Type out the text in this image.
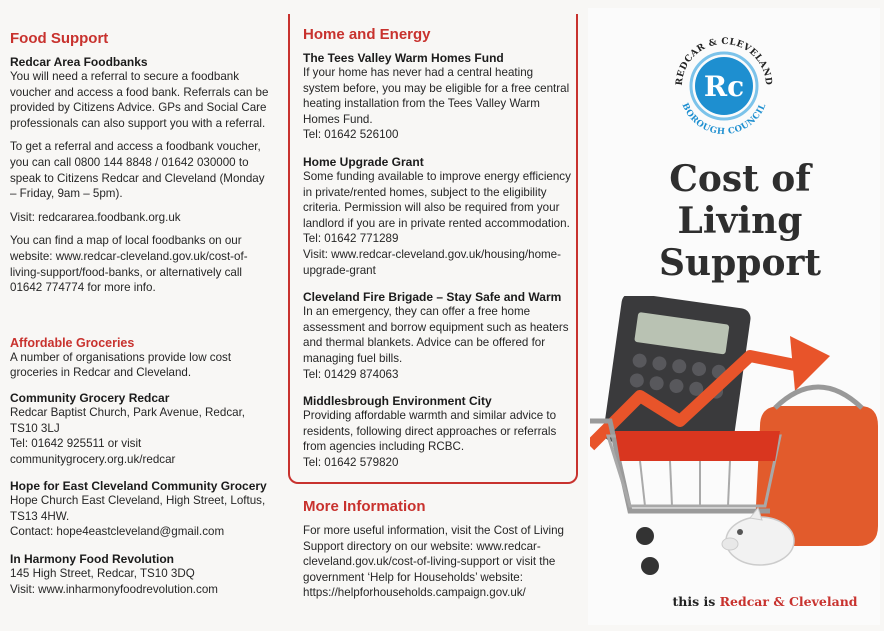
Food Support
Redcar Area Foodbanks
You will need a referral to secure a foodbank voucher and access a food bank. Referrals can be provided by Citizens Advice. GPs and Social Care professionals can also support you with a referral.
To get a referral and access a foodbank voucher, you can call 0800 144 8848 / 01642 030000 to speak to Citizens Redcar and Cleveland (Monday – Friday, 9am – 5pm).
Visit: redcararea.foodbank.org.uk
You can find a map of local foodbanks on our website: www.redcar-cleveland.gov.uk/cost-of-living-support/food-banks, or alternatively call 01642 774774 for more info.
Affordable Groceries
A number of organisations provide low cost groceries in Redcar and Cleveland.
Community Grocery Redcar
Redcar Baptist Church, Park Avenue, Redcar, TS10 3LJ
Tel: 01642 925511 or visit communitygrocery.org.uk/redcar
Hope for East Cleveland Community Grocery
Hope Church East Cleveland, High Street, Loftus, TS13 4HW.
Contact: hope4eastcleveland@gmail.com
In Harmony Food Revolution
145 High Street, Redcar, TS10 3DQ
Visit: www.inharmonyfoodrevolution.com
Home and Energy
The Tees Valley Warm Homes Fund
If your home has never had a central heating system before, you may be eligible for a free central heating installation from the Tees Valley Warm Homes Fund.
Tel: 01642 526100
Home Upgrade Grant
Some funding available to improve energy efficiency in private/rented homes, subject to the eligibility criteria. Permission will also be required from your landlord if you are in private rented accommodation.
Tel: 01642 771289
Visit: www.redcar-cleveland.gov.uk/housing/home-upgrade-grant
Cleveland Fire Brigade – Stay Safe and Warm
In an emergency, they can offer a free home assessment and borrow equipment such as heaters and thermal blankets. Advice can be offered for managing fuel bills.
Tel: 01429 874063
Middlesbrough Environment City
Providing affordable warmth and similar advice to residents, following direct approaches or referrals from agencies including RCBC.
Tel: 01642 579820
More Information
For more useful information, visit the Cost of Living Support directory on our website: www.redcar-cleveland.gov.uk/cost-of-living-support or visit the government ‘Help for Households’ website: https://helpforhouseholds.campaign.gov.uk/
Rc
REDCAR & CLEVELAND
BOROUGH COUNCIL
Cost of
Living
Support
this is Redcar & Cleveland
